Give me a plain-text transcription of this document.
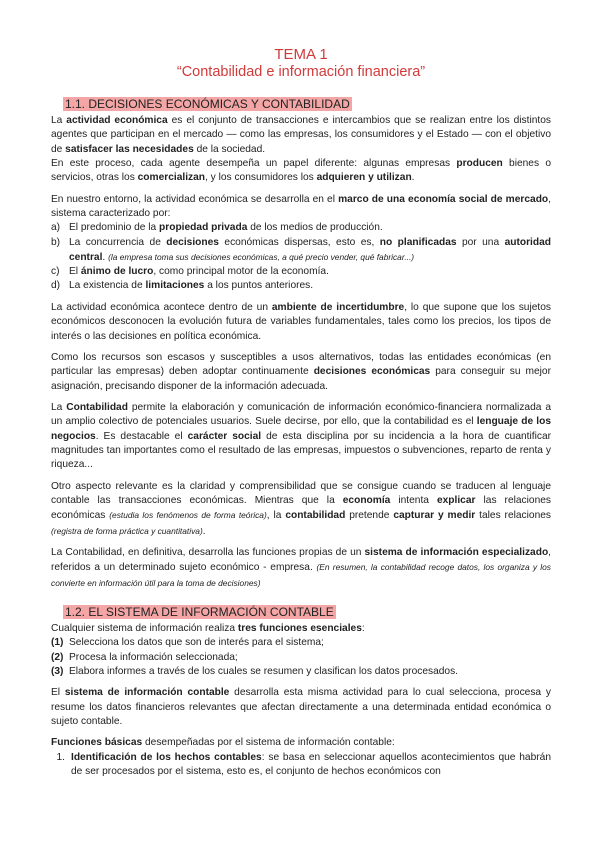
TEMA 1
“Contabilidad e información financiera”
1.1. DECISIONES ECONÓMICAS Y CONTABILIDAD

La actividad económica es el conjunto de transacciones e intercambios que se realizan entre los distintos agentes que participan en el mercado — como las empresas, los consumidores y el Estado — con el objetivo de satisfacer las necesidades de la sociedad.

En este proceso, cada agente desempeña un papel diferente: algunas empresas producen bienes o servicios, otras los comercializan, y los consumidores los adquieren y utilizan.

En nuestro entorno, la actividad económica se desarrolla en el marco de una economía social de mercado, sistema caracterizado por:

a) El predominio de la propiedad privada de los medios de producción.
b) La concurrencia de decisiones económicas dispersas, esto es, no planificadas por una autoridad central. (la empresa toma sus decisiones económicas, a qué precio vender, qué fabricar...)
c) El ánimo de lucro, como principal motor de la economía.
d) La existencia de limitaciones a los puntos anteriores.

La actividad económica acontece dentro de un ambiente de incertidumbre, lo que supone que los sujetos económicos desconocen la evolución futura de variables fundamentales, tales como los precios, los tipos de interés o las decisiones en política económica.

Como los recursos son escasos y susceptibles a usos alternativos, todas las entidades económicas (en particular las empresas) deben adoptar continuamente decisiones económicas para conseguir su mejor asignación, precisando disponer de la información adecuada.

La Contabilidad permite la elaboración y comunicación de información económico-financiera normalizada a un amplio colectivo de potenciales usuarios. Suele decirse, por ello, que la contabilidad es el lenguaje de los negocios. Es destacable el carácter social de esta disciplina por su incidencia a la hora de cuantificar magnitudes tan importantes como el resultado de las empresas, impuestos o subvenciones, reparto de renta y riqueza...

Otro aspecto relevante es la claridad y comprensibilidad que se consigue cuando se traducen al lenguaje contable las transacciones económicas. Mientras que la economía intenta explicar las relaciones económicas (estudia los fenómenos de forma teórica), la contabilidad pretende capturar y medir tales relaciones (registra de forma práctica y cuantitativa).

La Contabilidad, en definitiva, desarrolla las funciones propias de un sistema de información especializado, referidos a un determinado sujeto económico - empresa. (En resumen, la contabilidad recoge datos, los organiza y los convierte en información útil para la toma de decisiones)

1.2. EL SISTEMA DE INFORMACIÓN CONTABLE

Cualquier sistema de información realiza tres funciones esenciales:

(1) Selecciona los datos que son de interés para el sistema;
(2) Procesa la información seleccionada;
(3) Elabora informes a través de los cuales se resumen y clasifican los datos procesados.

El sistema de información contable desarrolla esta misma actividad para lo cual selecciona, procesa y resume los datos financieros relevantes que afectan directamente a una determinada entidad económica o sujeto contable.

Funciones básicas desempeñadas por el sistema de información contable:

1. Identificación de los hechos contables: se basa en seleccionar aquellos acontecimientos que habrán de ser procesados por el sistema, esto es, el conjunto de hechos económicos con
